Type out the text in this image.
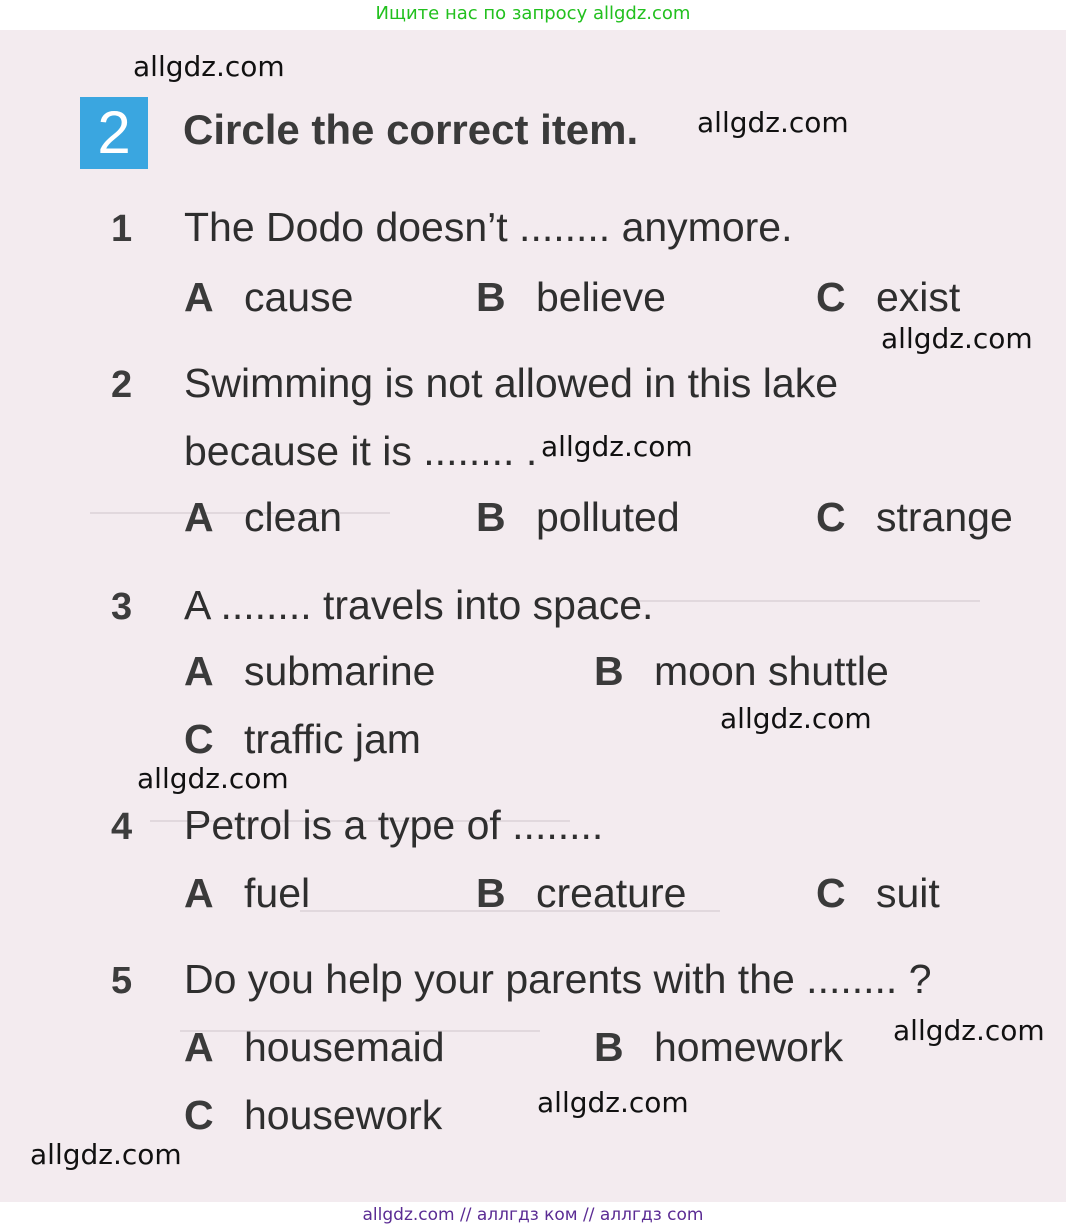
Ищите нас по запросу allgdz.com
2	Circle the correct item.
1 The Dodo doesn’t ........ anymore.
A cause	B believe	C exist
2 Swimming is not allowed in this lake
because it is ........ .
A clean	B polluted	C strange
3 A ........ travels into space.
A submarine	B moon shuttle
C traffic jam
4 Petrol is a type of ........
A fuel	B creature	C suit
5 Do you help your parents with the ........ ?
A housemaid	B homework
C housework
allgdz.com
allgdz.com
allgdz.com
allgdz.com
allgdz.com
allgdz.com
allgdz.com
allgdz.com
allgdz.com
allgdz.com // аллгдз ком // аллгдз com
